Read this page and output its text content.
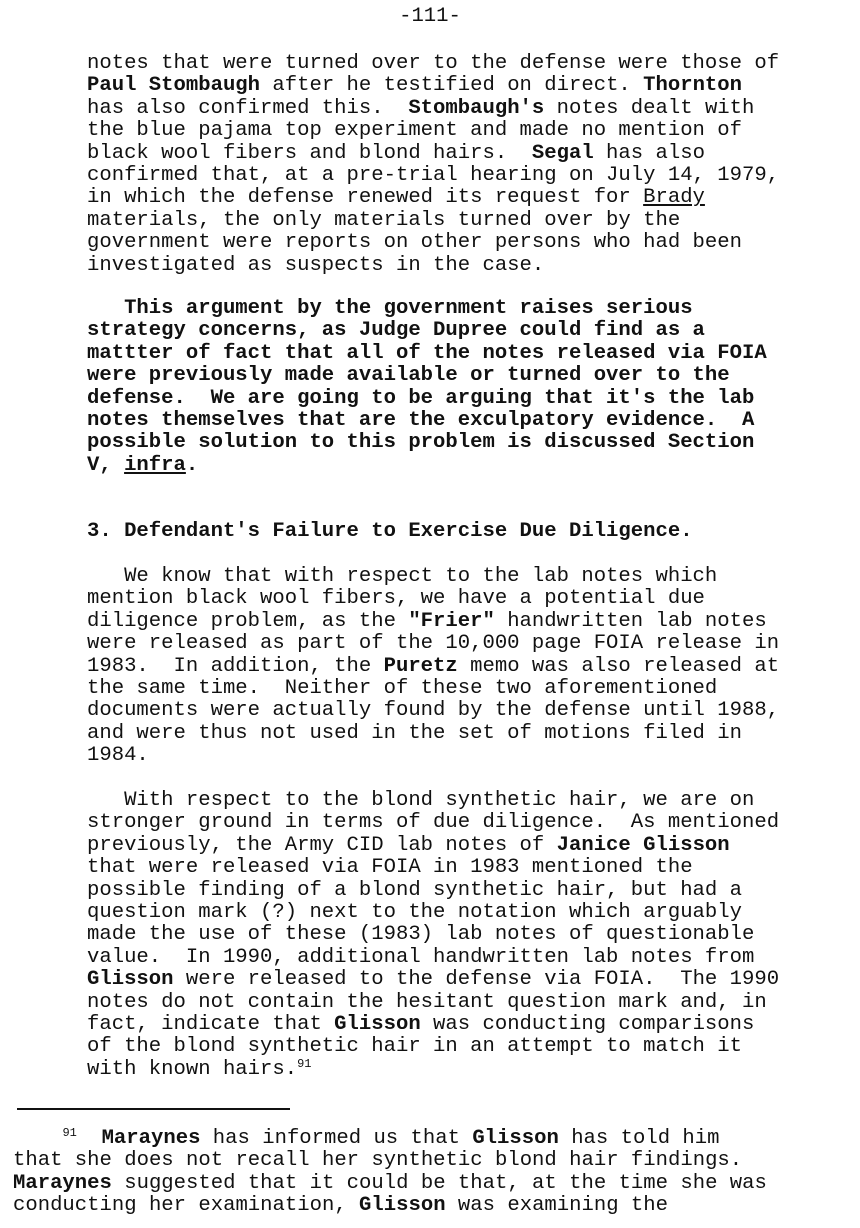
-111-
notes that were turned over to the defense were those of
Paul Stombaugh after he testified on direct. Thornton
has also confirmed this.  Stombaugh's notes dealt with
the blue pajama top experiment and made no mention of
black wool fibers and blond hairs.  Segal has also
confirmed that, at a pre-trial hearing on July 14, 1979,
in which the defense renewed its request for Brady
materials, the only materials turned over by the
government were reports on other persons who had been
investigated as suspects in the case.
This argument by the government raises serious
strategy concerns, as Judge Dupree could find as a
mattter of fact that all of the notes released via FOIA
were previously made available or turned over to the
defense.  We are going to be arguing that it's the lab
notes themselves that are the exculpatory evidence.  A
possible solution to this problem is discussed Section
V, infra.
3. Defendant's Failure to Exercise Due Diligence.
We know that with respect to the lab notes which
mention black wool fibers, we have a potential due
diligence problem, as the "Frier" handwritten lab notes
were released as part of the 10,000 page FOIA release in
1983.  In addition, the Puretz memo was also released at
the same time.  Neither of these two aforementioned
documents were actually found by the defense until 1988,
and were thus not used in the set of motions filed in
1984.
With respect to the blond synthetic hair, we are on
stronger ground in terms of due diligence.  As mentioned
previously, the Army CID lab notes of Janice Glisson
that were released via FOIA in 1983 mentioned the
possible finding of a blond synthetic hair, but had a
question mark (?) next to the notation which arguably
made the use of these (1983) lab notes of questionable
value.  In 1990, additional handwritten lab notes from
Glisson were released to the defense via FOIA.  The 1990
notes do not contain the hesitant question mark and, in
fact, indicate that Glisson was conducting comparisons
of the blond synthetic hair in an attempt to match it
with known hairs.$^{91}$
$^{91}$ Maraynes has informed us that Glisson has told him
that she does not recall her synthetic blond hair findings.
Maraynes suggested that it could be that, at the time she was
conducting her examination, Glisson was examining the
